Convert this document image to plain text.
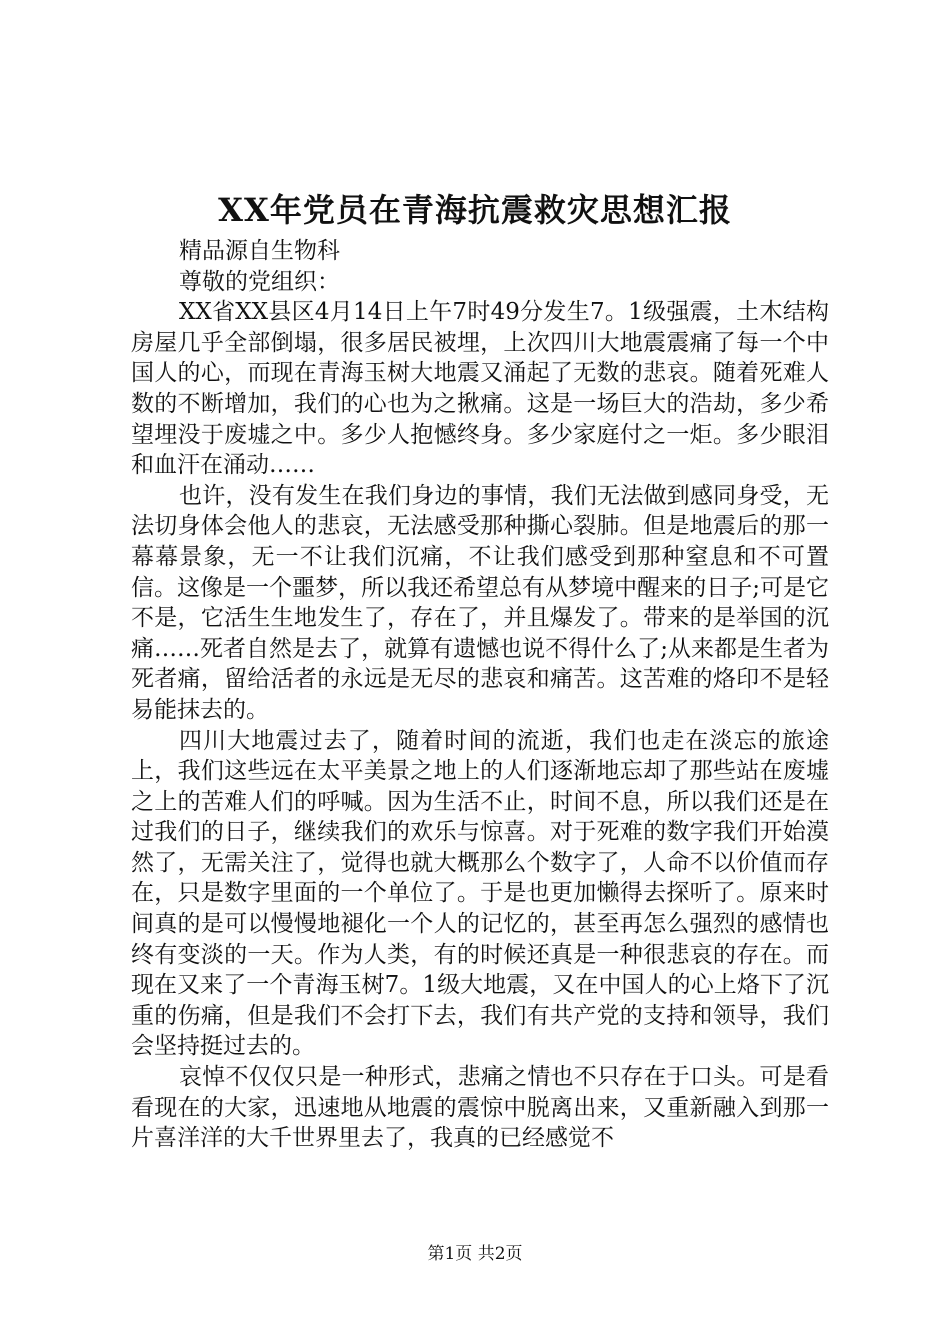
XX年党员在青海抗震救灾思想汇报

精品源自生物科

尊敬的党组织：

XX省XX县区4月14日上午7时49分发生7。1级强震，土木结构房屋几乎全部倒塌，很多居民被埋，上次四川大地震震痛了每一个中国人的心，而现在青海玉树大地震又涌起了无数的悲哀。随着死难人数的不断增加，我们的心也为之揪痛。这是一场巨大的浩劫，多少希望埋没于废墟之中。多少人抱憾终身。多少家庭付之一炬。多少眼泪和血汗在涌动……

也许，没有发生在我们身边的事情，我们无法做到感同身受，无法切身体会他人的悲哀，无法感受那种撕心裂肺。但是地震后的那一幕幕景象，无一不让我们沉痛，不让我们感受到那种窒息和不可置信。这像是一个噩梦，所以我还希望总有从梦境中醒来的日子;可是它不是，它活生生地发生了，存在了，并且爆发了。带来的是举国的沉痛……死者自然是去了，就算有遗憾也说不得什么了;从来都是生者为死者痛，留给活者的永远是无尽的悲哀和痛苦。这苦难的烙印不是轻易能抹去的。

四川大地震过去了，随着时间的流逝，我们也走在淡忘的旅途上，我们这些远在太平美景之地上的人们逐渐地忘却了那些站在废墟之上的苦难人们的呼喊。因为生活不止，时间不息，所以我们还是在过我们的日子，继续我们的欢乐与惊喜。对于死难的数字我们开始漠然了，无需关注了，觉得也就大概那么个数字了，人命不以价值而存在，只是数字里面的一个单位了。于是也更加懒得去探听了。原来时间真的是可以慢慢地褪化一个人的记忆的，甚至再怎么强烈的感情也终有变淡的一天。作为人类，有的时候还真是一种很悲哀的存在。而现在又来了一个青海玉树7。1级大地震，又在中国人的心上烙下了沉重的伤痛，但是我们不会打下去，我们有共产党的支持和领导，我们会坚持挺过去的。

哀悼不仅仅只是一种形式，悲痛之情也不只存在于口头。可是看看现在的大家，迅速地从地震的震惊中脱离出来，又重新融入到那一片喜洋洋的大千世界里去了，我真的已经感觉不

第1页 共2页
